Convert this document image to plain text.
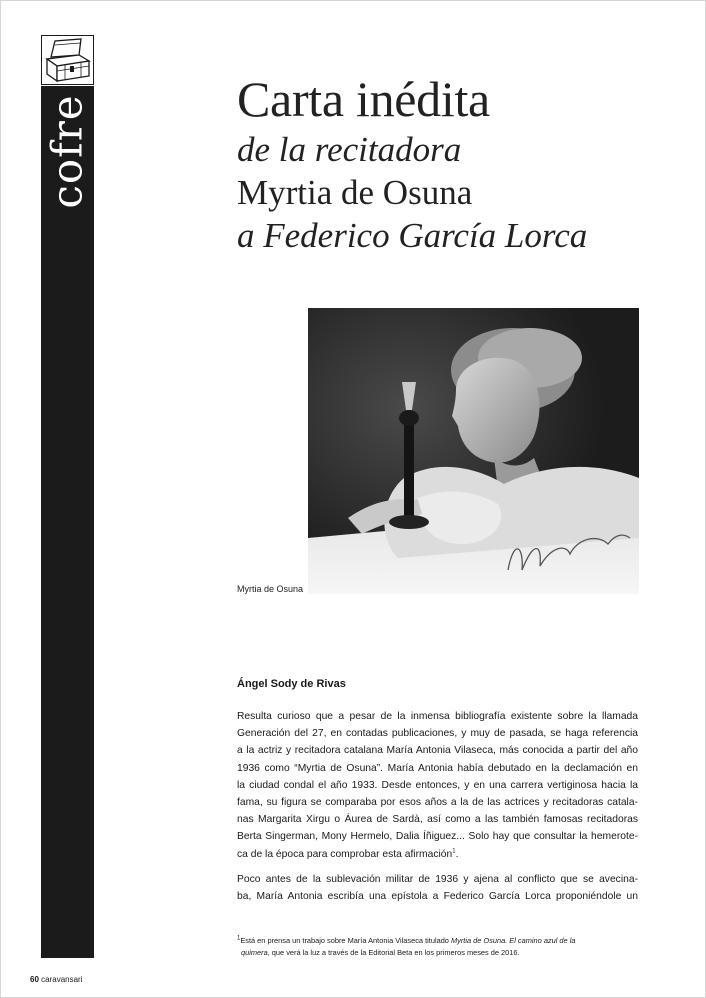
cofre	Carta inédita
de la recitadora
Myrtia de Osuna
a Federico García Lorca
Myrtia de Osuna
Ángel Sody de Rivas
Resulta curioso que a pesar de la inmensa bibliografía existente sobre la llamada
Generación del 27, en contadas publicaciones, y muy de pasada, se haga referencia
a la actriz y recitadora catalana María Antonia Vilaseca, más conocida a partir del año
1936 como “Myrtia de Osuna”. María Antonia había debutado en la declamación en
la ciudad condal el año 1933. Desde entonces, y en una carrera vertiginosa hacia la
fama, su figura se comparaba por esos años a la de las actrices y recitadoras catala-
nas Margarita Xirgu o Áurea de Sardà, así como a las también famosas recitadoras
Berta Singerman, Mony Hermelo, Dalia Íñiguez... Solo hay que consultar la hemerote-
ca de la época para comprobar esta afirmación$^1$.
Poco antes de la sublevación militar de 1936 y ajena al conflicto que se avecina-
ba, María Antonia escribía una epístola a Federico García Lorca proponiéndole un
$^1$Está en prensa un trabajo sobre María Antonia Vilaseca titulado Myrtia de Osuna. El camino azul de la
quimera, que verá la luz a través de la Editorial Beta en los primeros meses de 2016.
60 caravansari
